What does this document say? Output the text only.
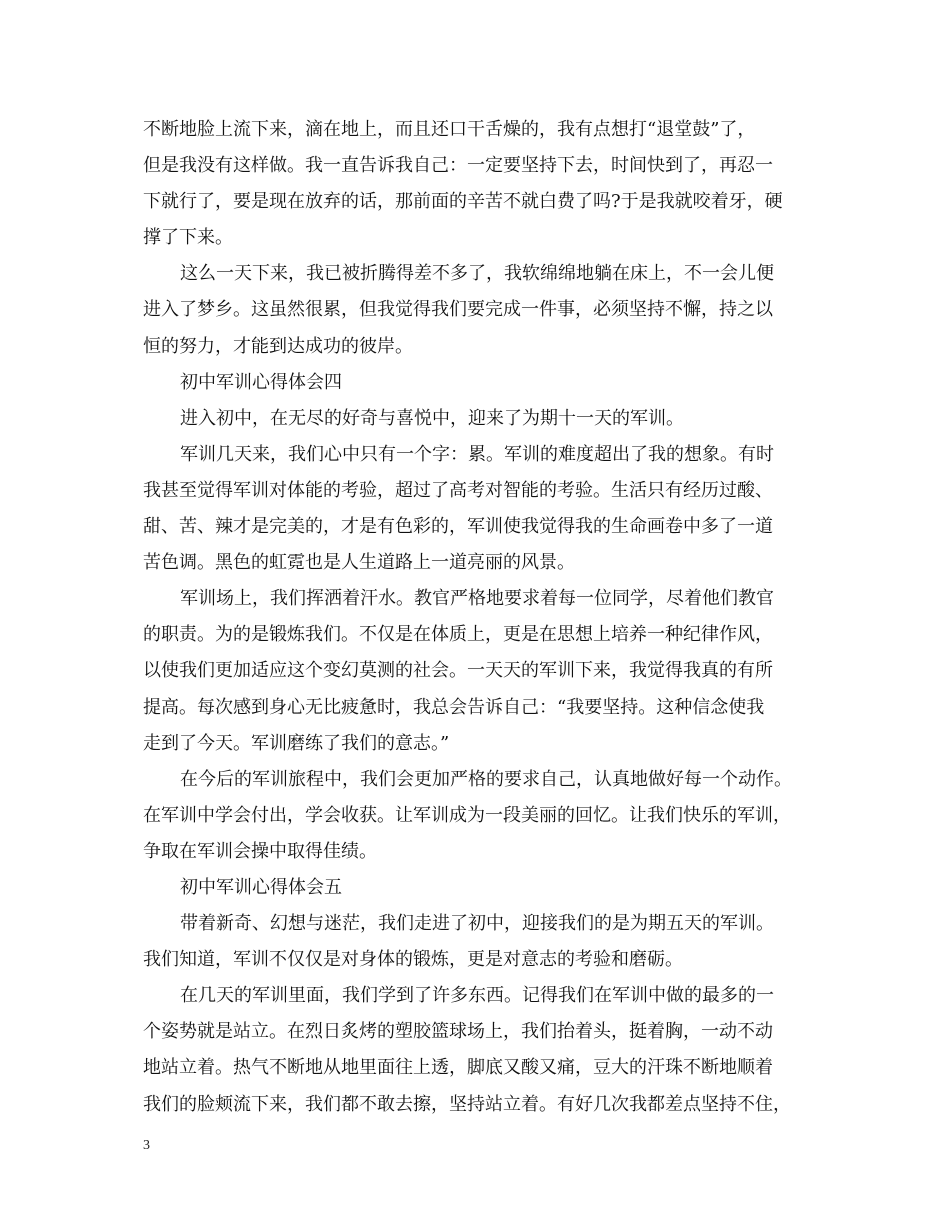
不断地脸上流下来，滴在地上，而且还口干舌燥的，我有点想打“退堂鼓”了，
但是我没有这样做。我一直告诉我自己：一定要坚持下去，时间快到了，再忍一
下就行了，要是现在放弃的话，那前面的辛苦不就白费了吗?于是我就咬着牙，硬
撑了下来。
这么一天下来，我已被折腾得差不多了，我软绵绵地躺在床上，不一会儿便
进入了梦乡。这虽然很累，但我觉得我们要完成一件事，必须坚持不懈，持之以
恒的努力，才能到达成功的彼岸。
初中军训心得体会四
进入初中，在无尽的好奇与喜悦中，迎来了为期十一天的军训。
军训几天来，我们心中只有一个字：累。军训的难度超出了我的想象。有时
我甚至觉得军训对体能的考验，超过了高考对智能的考验。生活只有经历过酸、
甜、苦、辣才是完美的，才是有色彩的，军训使我觉得我的生命画卷中多了一道
苦色调。黑色的虹霓也是人生道路上一道亮丽的风景。
军训场上，我们挥洒着汗水。教官严格地要求着每一位同学，尽着他们教官
的职责。为的是锻炼我们。不仅是在体质上，更是在思想上培养一种纪律作风，
以使我们更加适应这个变幻莫测的社会。一天天的军训下来，我觉得我真的有所
提高。每次感到身心无比疲惫时，我总会告诉自己：“我要坚持。这种信念使我
走到了今天。军训磨练了我们的意志。”
在今后的军训旅程中，我们会更加严格的要求自己，认真地做好每一个动作。
在军训中学会付出，学会收获。让军训成为一段美丽的回忆。让我们快乐的军训，
争取在军训会操中取得佳绩。
初中军训心得体会五
带着新奇、幻想与迷茫，我们走进了初中，迎接我们的是为期五天的军训。
我们知道，军训不仅仅是对身体的锻炼，更是对意志的考验和磨砺。
在几天的军训里面，我们学到了许多东西。记得我们在军训中做的最多的一
个姿势就是站立。在烈日炙烤的塑胶篮球场上，我们抬着头，挺着胸，一动不动
地站立着。热气不断地从地里面往上透，脚底又酸又痛，豆大的汗珠不断地顺着
我们的脸颊流下来，我们都不敢去擦，坚持站立着。有好几次我都差点坚持不住，
3
